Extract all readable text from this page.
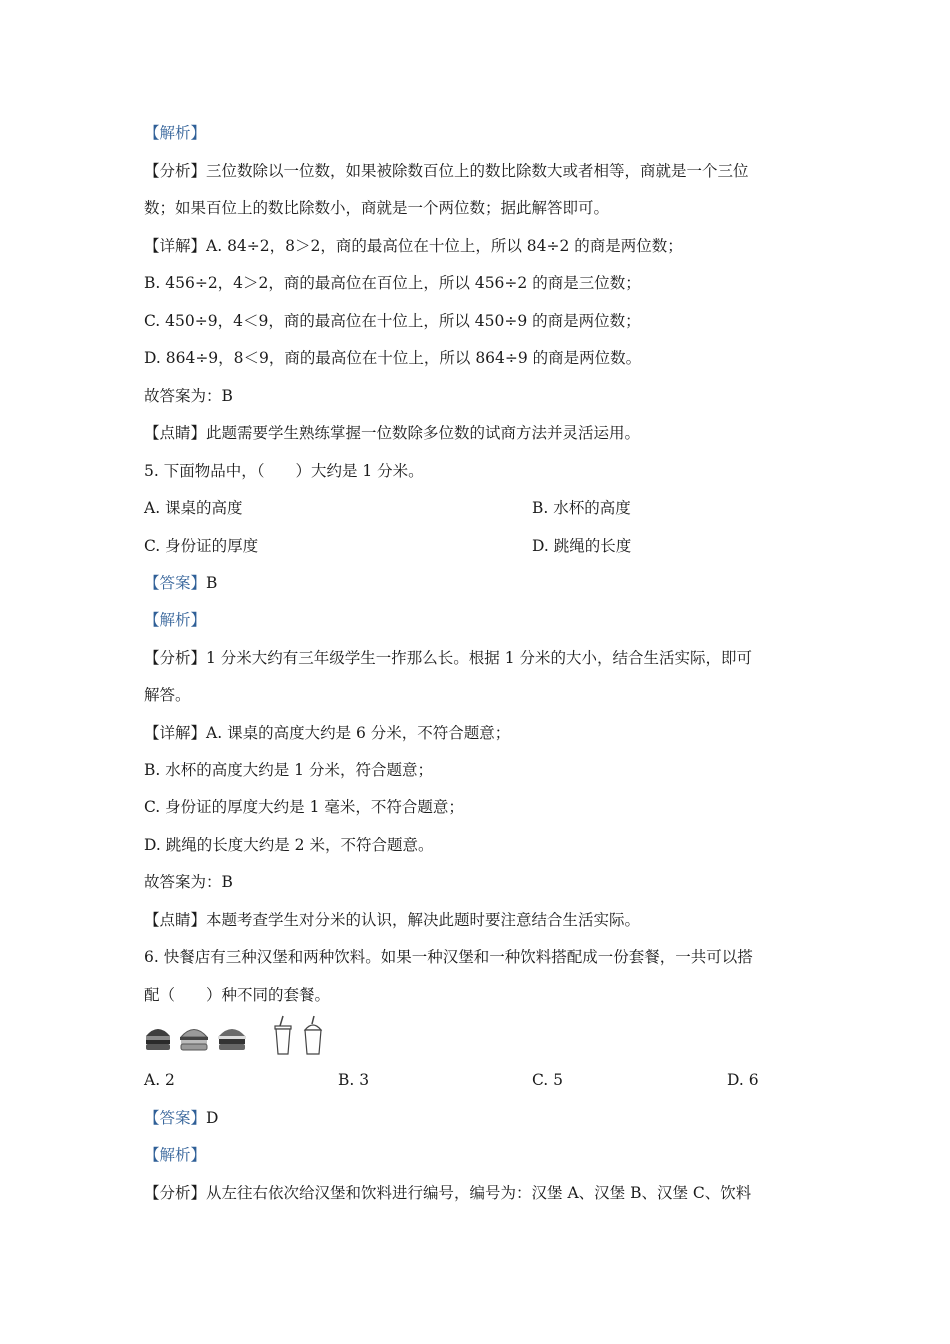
【解析】
【分析】三位数除以一位数，如果被除数百位上的数比除数大或者相等，商就是一个三位
数；如果百位上的数比除数小，商就是一个两位数；据此解答即可。
【详解】A. 84÷2，8＞2，商的最高位在十位上，所以 84÷2 的商是两位数；
B. 456÷2，4＞2，商的最高位在百位上，所以 456÷2 的商是三位数；
C. 450÷9，4＜9，商的最高位在十位上，所以 450÷9 的商是两位数；
D. 864÷9，8＜9，商的最高位在十位上，所以 864÷9 的商是两位数。
故答案为：B
【点睛】此题需要学生熟练掌握一位数除多位数的试商方法并灵活运用。
5. 下面物品中，（　　）大约是 1 分米。
A. 课桌的高度	B. 水杯的高度
C. 身份证的厚度	D. 跳绳的长度
【答案】B
【解析】
【分析】1 分米大约有三年级学生一拃那么长。根据 1 分米的大小，结合生活实际，即可
解答。
【详解】A. 课桌的高度大约是 6 分米，不符合题意；
B. 水杯的高度大约是 1 分米，符合题意；
C. 身份证的厚度大约是 1 毫米，不符合题意；
D. 跳绳的长度大约是 2 米，不符合题意。
故答案为：B
【点睛】本题考查学生对分米的认识，解决此题时要注意结合生活实际。
6. 快餐店有三种汉堡和两种饮料。如果一种汉堡和一种饮料搭配成一份套餐，一共可以搭
配（　　）种不同的套餐。
A. 2	B. 3	C. 5	D. 6
【答案】D
【解析】
【分析】从左往右依次给汉堡和饮料进行编号，编号为：汉堡 A、汉堡 B、汉堡 C、饮料
